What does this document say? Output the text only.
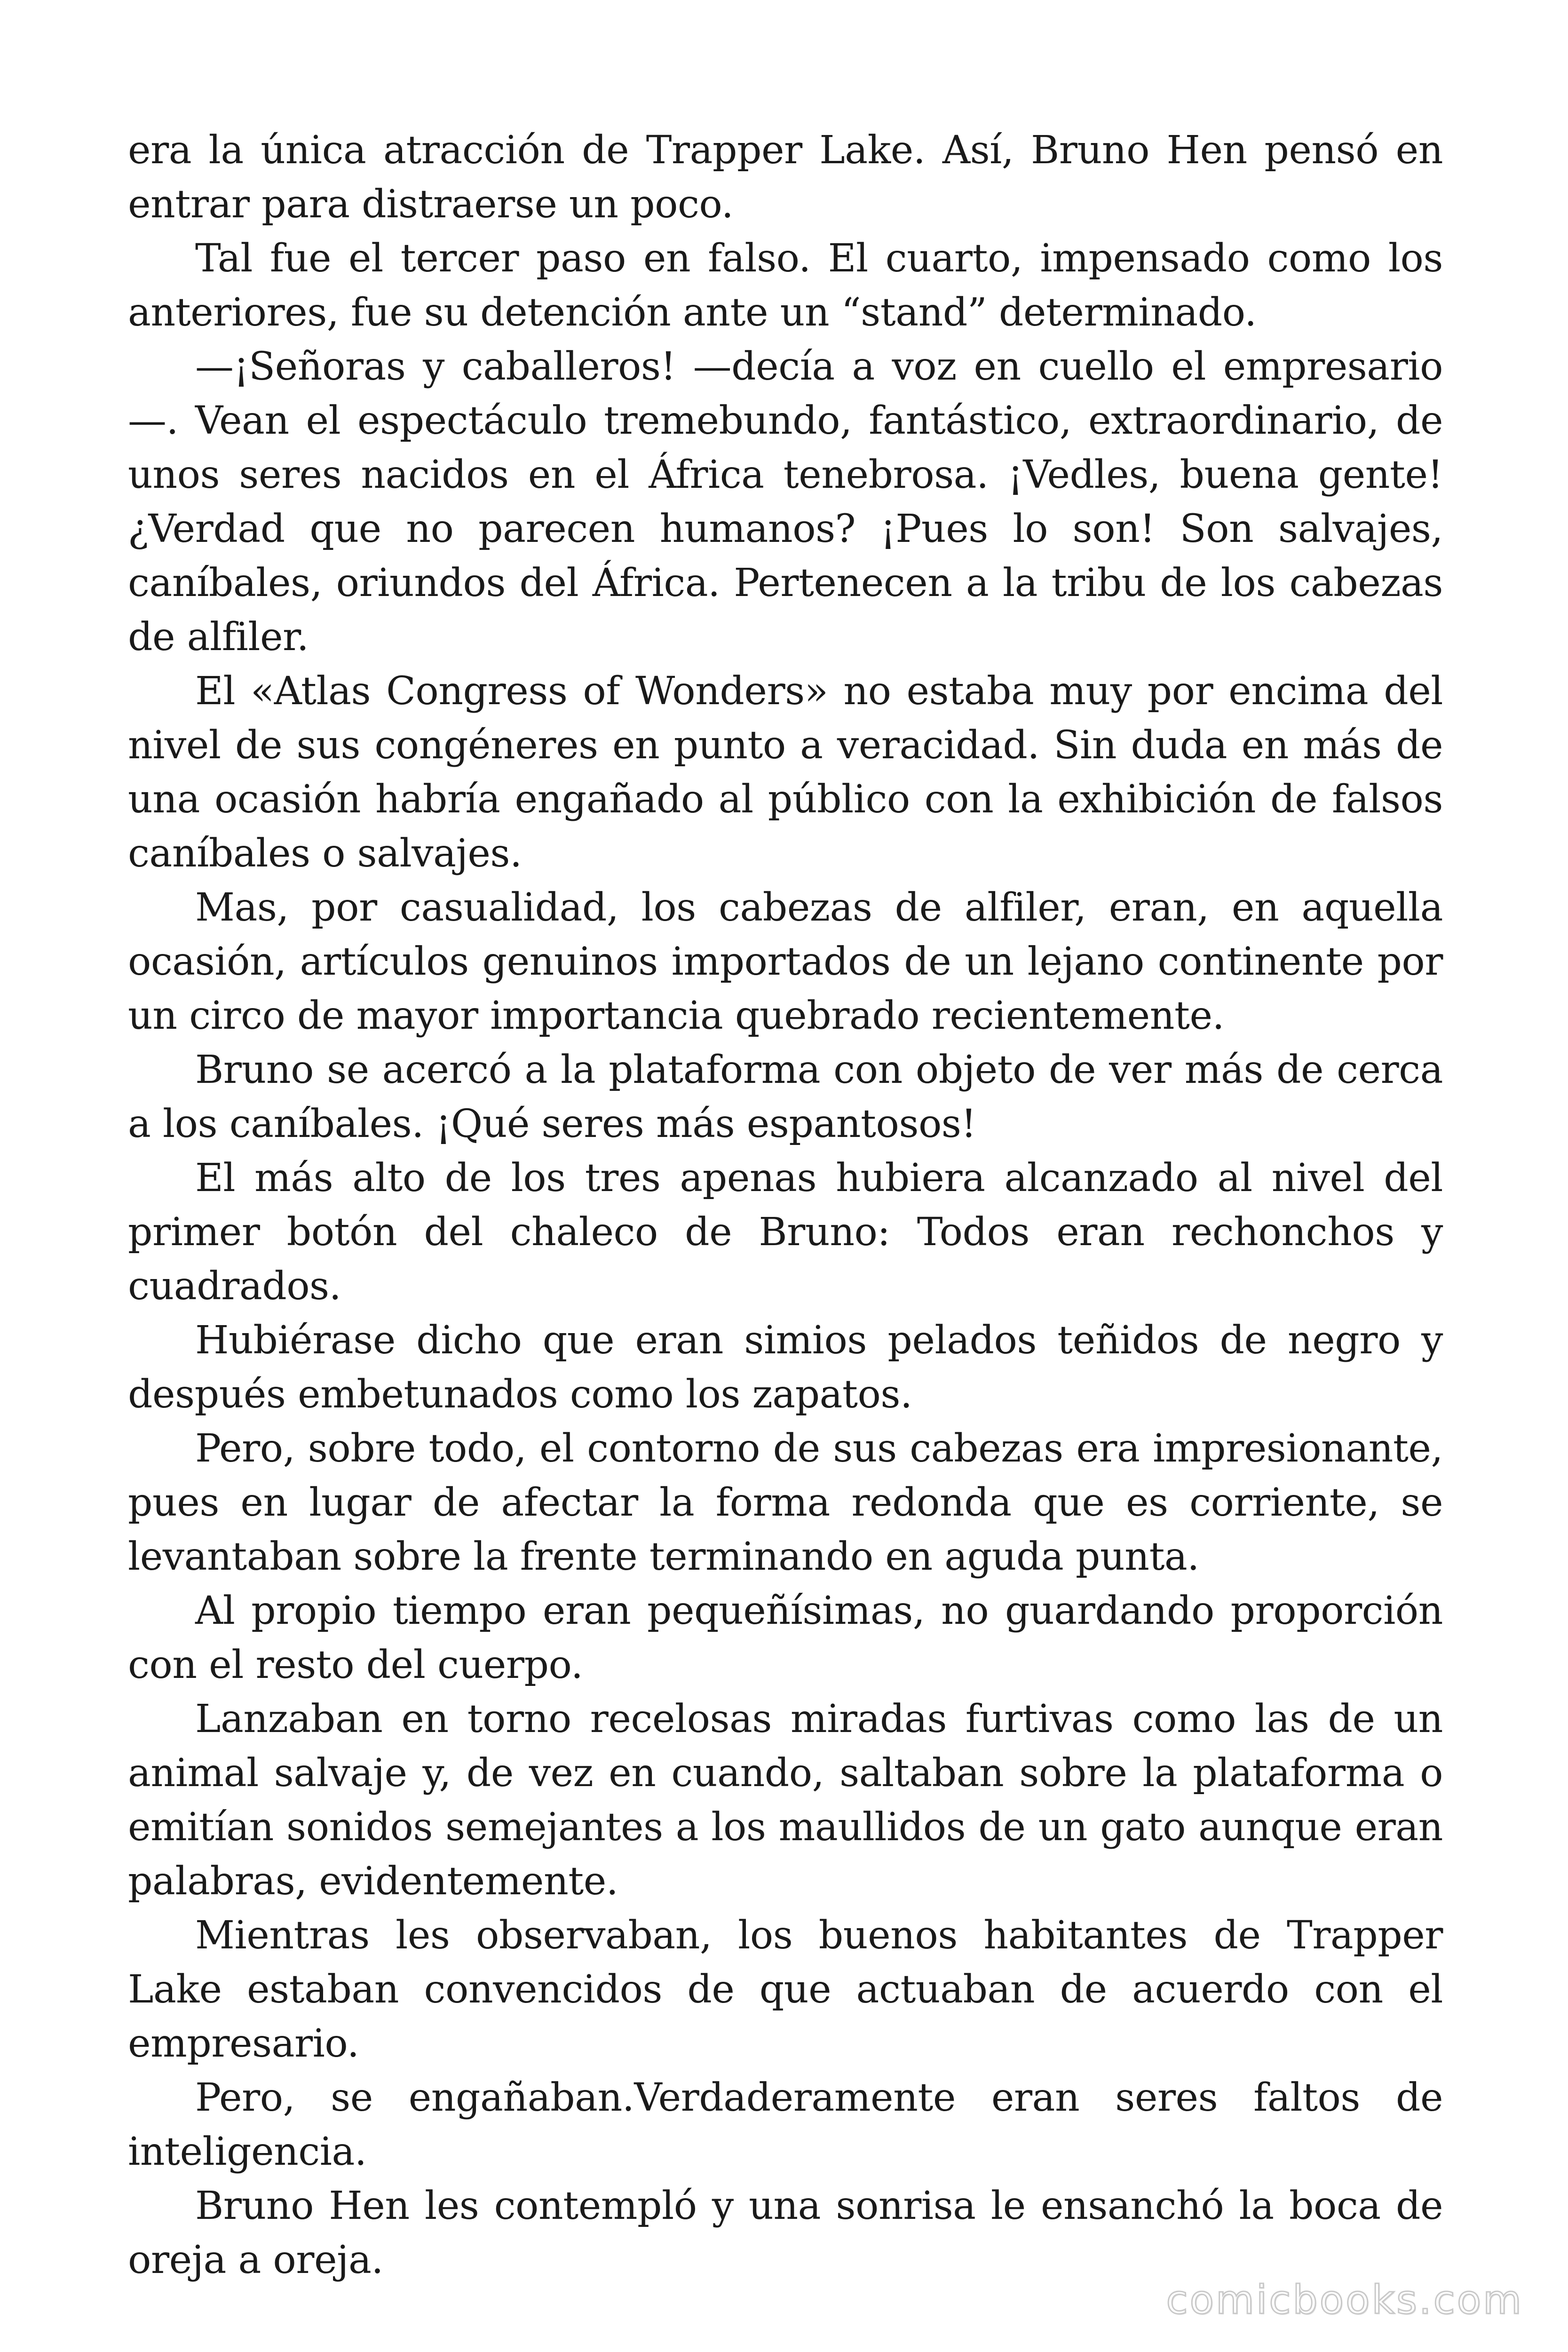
era la única atracción de Trapper Lake. Así, Bruno Hen pensó en entrar para distraerse un poco.

Tal fue el tercer paso en falso. El cuarto, impensado como los anteriores, fue su detención ante un “stand” determinado.

—¡Señoras y caballeros! —decía a voz en cuello el empresario—. Vean el espectáculo tremebundo, fantástico, extraordinario, de unos seres nacidos en el África tenebrosa. ¡Vedles, buena gente! ¿Verdad que no parecen humanos? ¡Pues lo son! Son salvajes, caníbales, oriundos del África. Pertenecen a la tribu de los cabezas de alfiler.

El «Atlas Congress of Wonders» no estaba muy por encima del nivel de sus congéneres en punto a veracidad. Sin duda en más de una ocasión habría engañado al público con la exhibición de falsos caníbales o salvajes.

Mas, por casualidad, los cabezas de alfiler, eran, en aquella ocasión, artículos genuinos importados de un lejano continente por un circo de mayor importancia quebrado recientemente.

Bruno se acercó a la plataforma con objeto de ver más de cerca a los caníbales. ¡Qué seres más espantosos!

El más alto de los tres apenas hubiera alcanzado al nivel del primer botón del chaleco de Bruno: Todos eran rechonchos y cuadrados.

Hubiérase dicho que eran simios pelados teñidos de negro y después embetunados como los zapatos.

Pero, sobre todo, el contorno de sus cabezas era impresionante, pues en lugar de afectar la forma redonda que es corriente, se levantaban sobre la frente terminando en aguda punta.

Al propio tiempo eran pequeñísimas, no guardando proporción con el resto del cuerpo.

Lanzaban en torno recelosas miradas furtivas como las de un animal salvaje y, de vez en cuando, saltaban sobre la plataforma o emitían sonidos semejantes a los maullidos de un gato aunque eran palabras, evidentemente.

Mientras les observaban, los buenos habitantes de Trapper Lake estaban convencidos de que actuaban de acuerdo con el empresario.

Pero, se engañaban.Verdaderamente eran seres faltos de inteligencia.

Bruno Hen les contempló y una sonrisa le ensanchó la boca de oreja a oreja.

comicbooks.com
